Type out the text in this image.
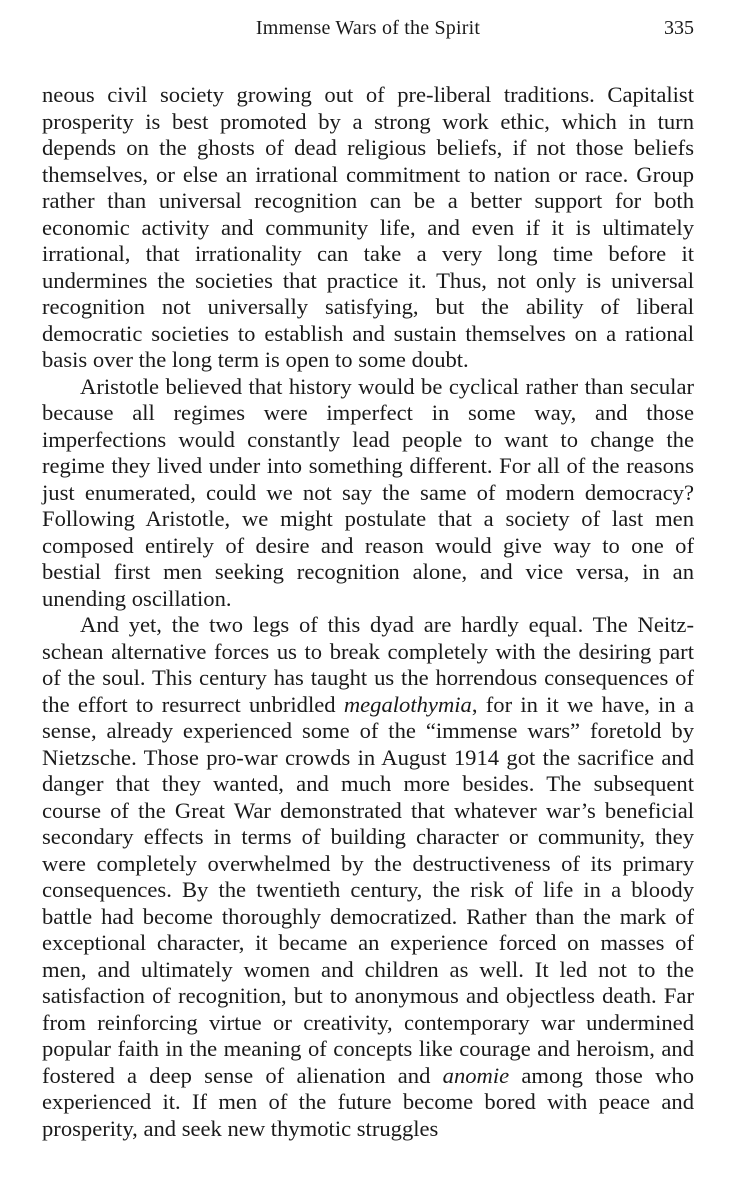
Immense Wars of the Spirit	335

neous civil society growing out of pre-liberal traditions. Capitalist prosperity is best promoted by a strong work ethic, which in turn depends on the ghosts of dead religious beliefs, if not those beliefs themselves, or else an irrational commitment to nation or race. Group rather than universal recognition can be a better support for both economic activity and community life, and even if it is ultimately irrational, that irrationality can take a very long time before it undermines the societies that practice it. Thus, not only is universal recognition not universally satisfying, but the ability of liberal democratic societies to establish and sustain themselves on a rational basis over the long term is open to some doubt.

Aristotle believed that history would be cyclical rather than secular because all regimes were imperfect in some way, and those imperfections would constantly lead people to want to change the regime they lived under into something different. For all of the reasons just enumerated, could we not say the same of modern democracy? Following Aristotle, we might postulate that a society of last men composed entirely of desire and reason would give way to one of bestial first men seeking recognition alone, and vice versa, in an unending oscillation.

And yet, the two legs of this dyad are hardly equal. The Neitzschean alternative forces us to break completely with the desiring part of the soul. This century has taught us the horrendous consequences of the effort to resurrect unbridled megalothymia, for in it we have, in a sense, already experienced some of the “immense wars” foretold by Nietzsche. Those pro-war crowds in August 1914 got the sacrifice and danger that they wanted, and much more besides. The subsequent course of the Great War demonstrated that whatever war’s beneficial secondary effects in terms of building character or community, they were completely overwhelmed by the destructiveness of its primary consequences. By the twentieth century, the risk of life in a bloody battle had become thoroughly democratized. Rather than the mark of exceptional character, it became an experience forced on masses of men, and ultimately women and children as well. It led not to the satisfaction of recognition, but to anonymous and objectless death. Far from reinforcing virtue or creativity, contemporary war undermined popular faith in the meaning of concepts like courage and heroism, and fostered a deep sense of alienation and anomie among those who experienced it. If men of the future become bored with peace and prosperity, and seek new thymotic struggles
